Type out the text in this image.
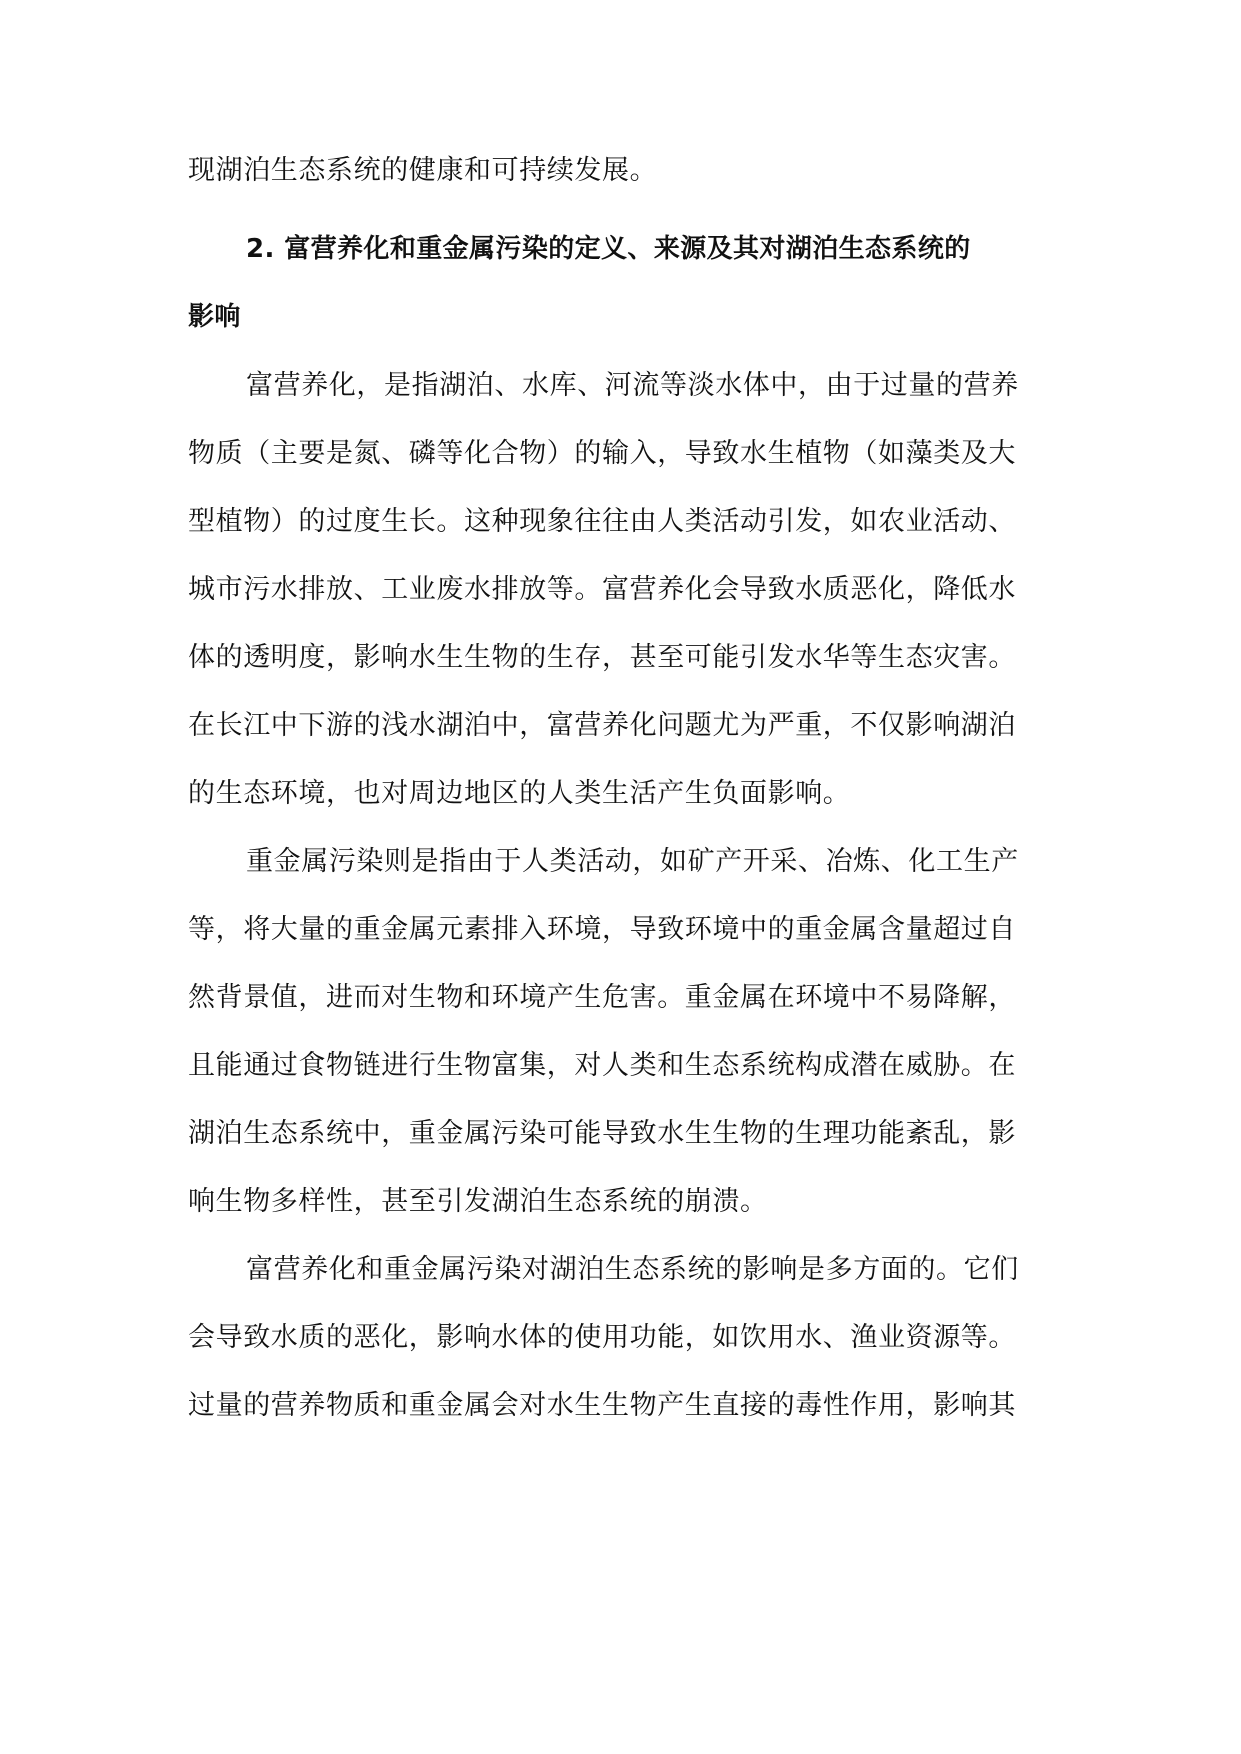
现湖泊生态系统的健康和可持续发展。
2. 富营养化和重金属污染的定义、来源及其对湖泊生态系统的
影响
富营养化，是指湖泊、水库、河流等淡水体中，由于过量的营养
物质（主要是氮、磷等化合物）的输入，导致水生植物（如藻类及大
型植物）的过度生长。这种现象往往由人类活动引发，如农业活动、
城市污水排放、工业废水排放等。富营养化会导致水质恶化，降低水
体的透明度，影响水生生物的生存，甚至可能引发水华等生态灾害。
在长江中下游的浅水湖泊中，富营养化问题尤为严重，不仅影响湖泊
的生态环境，也对周边地区的人类生活产生负面影响。
重金属污染则是指由于人类活动，如矿产开采、冶炼、化工生产
等，将大量的重金属元素排入环境，导致环境中的重金属含量超过自
然背景值，进而对生物和环境产生危害。重金属在环境中不易降解，
且能通过食物链进行生物富集，对人类和生态系统构成潜在威胁。在
湖泊生态系统中，重金属污染可能导致水生生物的生理功能紊乱，影
响生物多样性，甚至引发湖泊生态系统的崩溃。
富营养化和重金属污染对湖泊生态系统的影响是多方面的。它们
会导致水质的恶化，影响水体的使用功能，如饮用水、渔业资源等。
过量的营养物质和重金属会对水生生物产生直接的毒性作用，影响其
